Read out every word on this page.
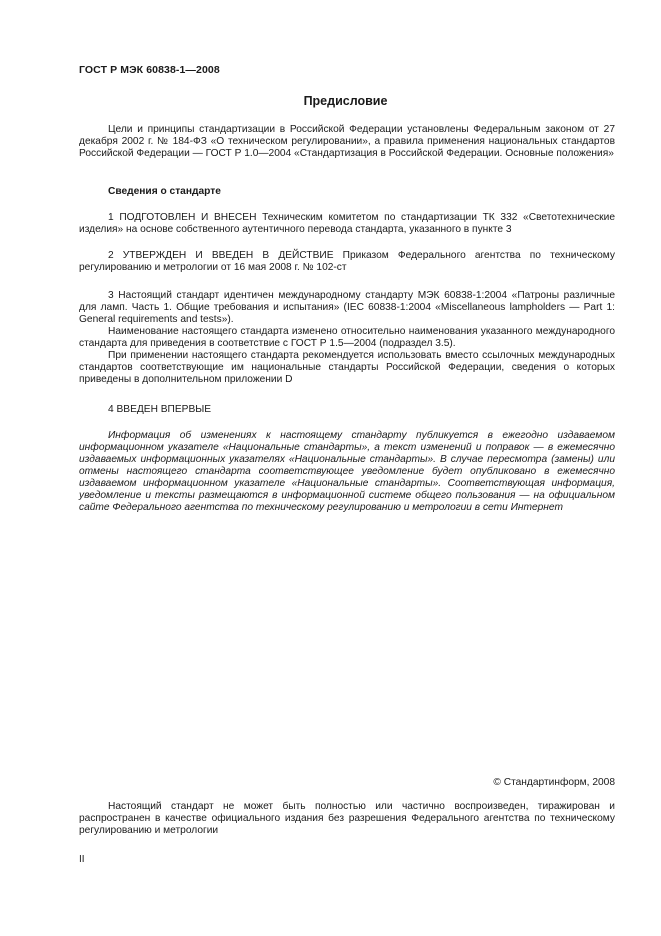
ГОСТ Р МЭК 60838-1—2008
Предисловие

Цели и принципы стандартизации в Российской Федерации установлены Федеральным законом от 27 декабря 2002 г. № 184-ФЗ «О техническом регулировании», а правила применения национальных стандартов Российской Федерации — ГОСТ Р 1.0—2004 «Стандартизация в Российской Федерации. Основные положения»

Сведения о стандарте

1 ПОДГОТОВЛЕН И ВНЕСЕН Техническим комитетом по стандартизации ТК 332 «Светотехнические изделия» на основе собственного аутентичного перевода стандарта, указанного в пункте 3

2 УТВЕРЖДЕН И ВВЕДЕН В ДЕЙСТВИЕ Приказом Федерального агентства по техническому регулированию и метрологии от 16 мая 2008 г. № 102-ст

3 Настоящий стандарт идентичен международному стандарту МЭК 60838-1:2004 «Патроны различные для ламп. Часть 1. Общие требования и испытания» (IEC 60838-1:2004 «Miscellaneous lampholders — Part 1: General requirements and tests»).

Наименование настоящего стандарта изменено относительно наименования указанного международного стандарта для приведения в соответствие с ГОСТ Р 1.5—2004 (подраздел 3.5).

При применении настоящего стандарта рекомендуется использовать вместо ссылочных международных стандартов соответствующие им национальные стандарты Российской Федерации, сведения о которых приведены в дополнительном приложении D

4 ВВЕДЕН ВПЕРВЫЕ

Информация об изменениях к настоящему стандарту публикуется в ежегодно издаваемом информационном указателе «Национальные стандарты», а текст изменений и поправок — в ежемесячно издаваемых информационных указателях «Национальные стандарты». В случае пересмотра (замены) или отмены настоящего стандарта соответствующее уведомление будет опубликовано в ежемесячно издаваемом информационном указателе «Национальные стандарты». Соответствующая информация, уведомление и тексты размещаются в информационной системе общего пользования — на официальном сайте Федерального агентства по техническому регулированию и метрологии в сети Интернет

© Стандартинформ, 2008

Настоящий стандарт не может быть полностью или частично воспроизведен, тиражирован и распространен в качестве официального издания без разрешения Федерального агентства по техническому регулированию и метрологии

II
